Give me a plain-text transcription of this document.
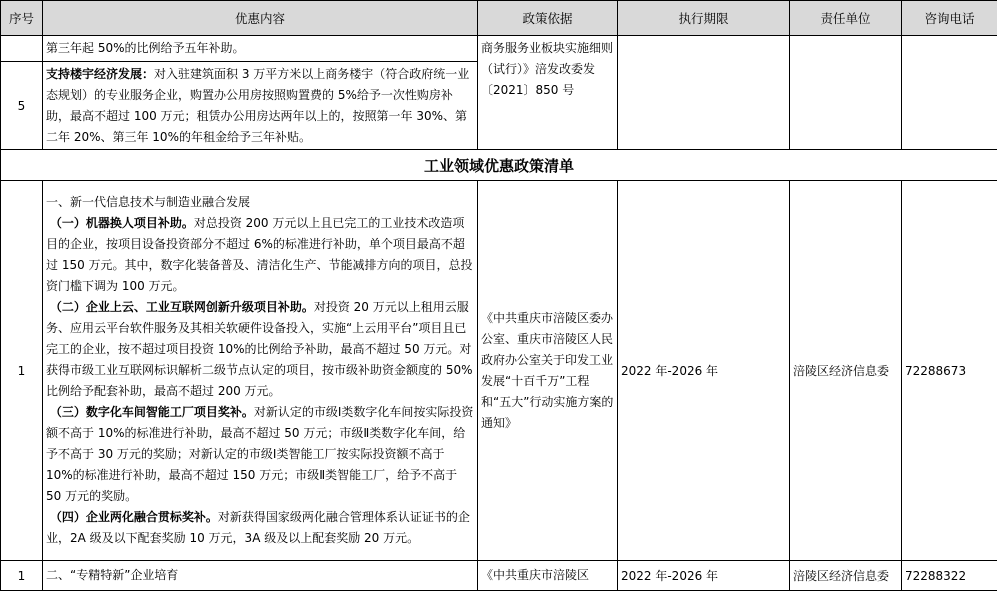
序号	优惠内容	政策依据	执行期限	责任单位	咨询电话
	第三年起 50%的比例给予五年补助。	商务服务业板块实施细则（试行）》涪发改委发〔2021〕850 号			
5	支持楼宇经济发展：对入驻建筑面积 3 万平方米以上商务楼宇（符合政府统一业态规划）的专业服务企业，购置办公用房按照购置费的 5%给予一次性购房补助，最高不超过 100 万元；租赁办公用房达两年以上的，按照第一年 30%、第二年 20%、第三年 10%的年租金给予三年补贴。				
工业领域优惠政策清单					
1	一、新一代信息技术与制造业融合发展

（一）机器换人项目补助。对总投资 200 万元以上且已完工的工业技术改造项目的企业，按项目设备投资部分不超过 6%的标准进行补助，单个项目最高不超过 150 万元。其中，数字化装备普及、清洁化生产、节能减排方向的项目，总投资门槛下调为 100 万元。

（二）企业上云、工业互联网创新升级项目补助。对投资 20 万元以上租用云服务、应用云平台软件服务及其相关软硬件设备投入，实施“上云用平台”项目且已完工的企业，按不超过项目投资 10%的比例给予补助，最高不超过 50 万元。对获得市级工业互联网标识解析二级节点认定的项目，按市级补助资金额度的 50%比例给予配套补助，最高不超过 200 万元。

（三）数字化车间智能工厂项目奖补。对新认定的市级Ⅰ类数字化车间按实际投资额不高于 10%的标准进行补助，最高不超过 50 万元；市级Ⅱ类数字化车间，给予不高于 30 万元的奖励；对新认定的市级Ⅰ类智能工厂按实际投资额不高于 10%的标准进行补助，最高不超过 150 万元；市级Ⅱ类智能工厂，给予不高于 50 万元的奖励。

（四）企业两化融合贯标奖补。对新获得国家级两化融合管理体系认证证书的企业，2A 级及以下配套奖励 10 万元，3A 级及以上配套奖励 20 万元。	《中共重庆市涪陵区委办公室、重庆市涪陵区人民政府办公室关于印发工业发展“十百千万”工程和“五大”行动实施方案的通知》	2022 年-2026 年	涪陵区经济信息委	72288673
1	二、“专精特新”企业培育	《中共重庆市涪陵区	2022 年-2026 年	涪陵区经济信息委	72288322
